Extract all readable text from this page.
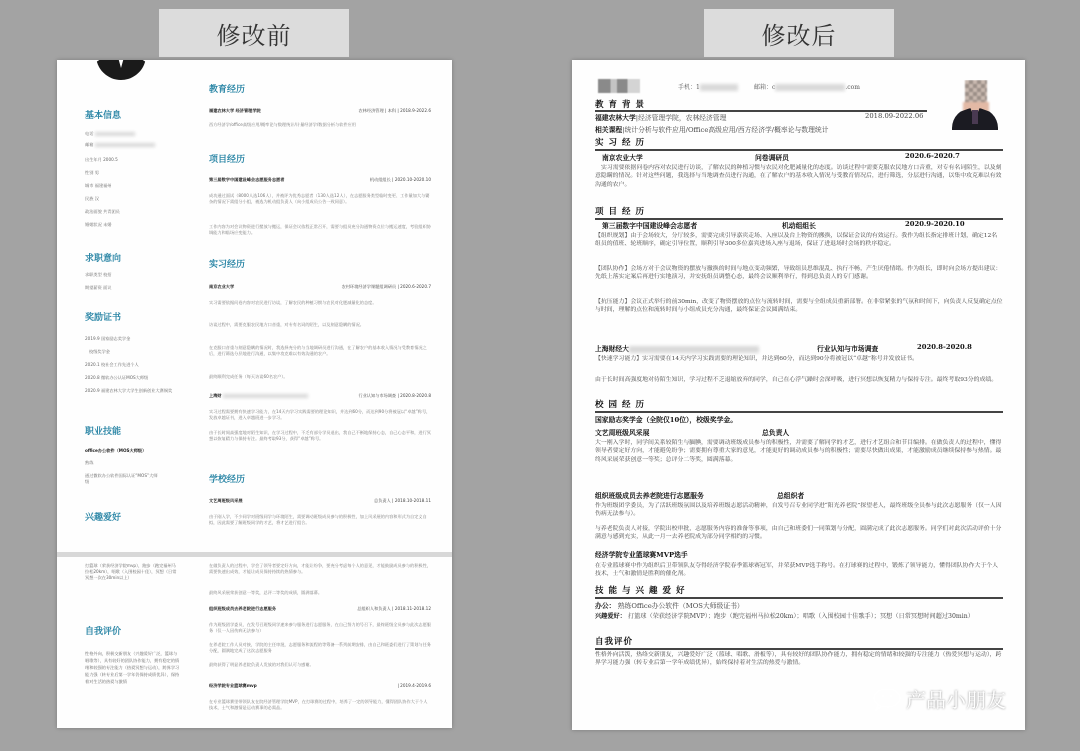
修改前	修改后
基本信息
电话
邮箱
出生年月 2000.5
性别 男
城市 福建福州
民族 汉
政治面貌 共青团员
婚姻状况 未婚
求职意向
求职类型 校招
期望薪资 面议
奖励证书
2019.9 国家励志奖学金
校级奖学金
2020.1 校社会工作先进个人
2020.8 微软办公认证MOS大师级
2020.9 福建农林大学大学生创新创业大赛铜奖
职业技能
office办公软件（MOS大师级）
熟练
通过微软办公软件国际认证“MOS”大师级
兴趣爱好
打篮球（荣获经济学院mvp），跑步（跑完福州马拉松20km），唱歌（入围校园十佳），冥想（日常冥想一次在30min以上）
自我评价
性格外向，积极交新朋友（兴趣爱好广泛，篮球与唱歌等），具有较好的团队协作能力，拥有稳定的情绪和较强的专注能力（热爱冥想与运动），跨界学习能力强（转专业后第一学年仍保持成绩优异），保持着对生活的热爱与激情
教育经历
福建农林大学 经济管理学院	农林经济管理 | 本科 | 2018.9-2022.6
西方经济学/office高级应用/概率论与数理统计/计量经济学/数据分析与软件应用
项目经历
第三届数字中国建设峰会志愿服务志愿者	机动组组长 | 2020.10-2020.10
成功通过面试（8000人选106人），并被评为优秀志愿者（130人选12人），在志愿服务类型临时变更、工作量加大与繁杂的情况下需组分小组，被选为机动组负责人（向小组成员公告一致同意）。
工作内容为对会议物资进行摆放与搬运，保证会议依程正常召开，需要与组员充分沟通物资点位与搬运速度，考验组织协调能力和临场应变能力。
实习经历
南京农业大学	农村环境经济学课题组调研员 | 2020.6-2020.7
实习需要依据问卷内容对农民进行访谈，了解农民的种植习惯与农民对化肥减量化的态度。
访谈过程中，需要克服农民地方口音重，对专有名词的陌生，以及刻意隐瞒的情况。
在克服口音重与刻意隐瞒的情况时，我选择充分的与当地调研员进行沟通，在了解农户的基本收入情况与受教育情况之后，进行筛选分层地进行沟通，以集中攻克难以有效沟通的农户。
最终顺利完成任务（每天访谈60名农户）。
上海财	行业认知与市场调查 | 2020.8-2020.8
实习过程需要拥有快速学习能力，在14天内学习实践需要的理论知识，并达到60分，而达到90分将被冠以“卓越”称号，发放卓越证书，进入卓越班进一步学习。
由于长时间高强度地对陌生知识，在学习过程中，不乏有部分学员退出，我自己不断地保持心态，自己心态平和，进行冥想以恢复精力与保持专注。最终考取93分，获得“卓越”称号。
学校经历
文艺周班级风采展	总负责人 | 2018.10-2018.11
由于刚入学，不少同学对班级同学与环境陌生，需要调动班级成员参与的积极性，加上风采展的内容和形式为自定义自拟，因此需要了解班级同学的才艺，将才艺进行组合。
在做负责人的过程中，学会了领导者要定好方向，才能让纷争，要充分考虑每个人的意见，才能鼓励成员参与的积极性，需要快速出成效，才能让成员保持持续的热情参与。
最终风采展荣获创意一等奖，总评二等奖的成绩，圆满落幕。
组织班级成员去养老院进行志愿服务	总组织人和负责人 | 2018.11-2018.12
作为班级团学委员，在发号召班级同学速来参与服务进行志愿服务，在自己努力的号召下，最终班级全员参与此次志愿服务（仅一人因伤病无法参与）
在养老院工作人员对接，学院的主任审批，志愿服务和流程的等筹备一系列前期安排，由自己和班委们进行了策划与任务分配，圆满地完成了这次志愿服务
最终获得了明显养老院负责人发放的对我们认可与感谢。
经济学院专业篮球赛mvp	| 2019.4-2019.6
在专业篮球赛里带领队友在院经济管理学院MVP，在打球赛的过程中，培养了一定的领导能力，懂得团队协作大于个人技术，士气和激情是运动赛事的必需品。
手机：1	邮箱：c	.com
教育背景
福建农林大学|经济管理学院，农林经济管理	2018.09-2022.06
相关课程|统计分析与软件应用/Office高级应用/西方经济学/概率论与数理统计
实习经历
南京农业大学	问卷调研员	2020.6-2020.7
实习需要依据问卷内容对农民进行访谈，了解农民的种植习惯与农民对化肥减量化的态度。访谈过程中需要克服农民地方口音重，对专有名词陌生，以及刻意隐瞒的情况。针对这些问题，我选择与当地调查员进行沟通，在了解农户的基本收入情况与受教育情况后，进行筛选，分层进行沟通，以集中攻克难以有效沟通的农户。
项目经历
第三届数字中国建设峰会志愿者	机动组组长	2020.9-2020.10
【组织规划】由于会场较大，分厅较多，需要完成引导嘉宾走场、入座以及台上物资的搬换，以保证会议的有效运行。我作为组长指定排班计划，确定12名组员的值班、轮班顺序，确定引导位置，顺利引导300多位嘉宾进场入座与退场，保证了进退场时会场的秩序稳定。
【团队协作】会场方对于会议物资的摆放与撤换的时间与地点变动频繁，导致组员思维混乱、执行不畅，产生厌倦情绪。作为组长，即时向会场方提出建议：先纸上落实定案后再进行实地演习，并安抚组员调整心态，最终会议顺利举行，得到总负责人的专门感谢。
【抗压能力】会议正式举行的前30min，改变了物资摆放的点位与流转时间，需要与全组成员重新部署。在非常紧张的气氛和时间下，向负责人反复确定点位与时间，理解的点位和流转时间与小组成员充分沟通，最终保证会议圆满结束。
上海财经大	行业认知与市场调查	2020.8-2020.8
【快速学习能力】实习需要在14天内学习实践需要的理论知识，并达到60分，而达到90分将被冠以“卓越”称号并发放证书。
由于长时间高强度地对待陌生知识，学习过程不乏退缩放弃的同学，自己在心浮气躁时会深呼吸，进行冥想以恢复精力与保持专注。最终考取93分的成绩。
校园经历
国家励志奖学金（全院仅10位），校级奖学金。
文艺周班级风采展	总负责人
大一刚入学时，同学间关系较陌生与腼腆，需要调动班级成员参与的积极性，并需要了解同学的才艺，进行才艺组合和节目编排。在做负责人的过程中，懂得领导者要定好方向，才能避免纷争；需要拥有尊重大家的意见，才能更好的调动成员参与的积极性；需要尽快做出成果，才能激励成员继续保持参与热情。最终风采展荣获创意一等奖；总评分二等奖，圆满落幕。
组织班级成员去养老院进行志愿服务	总组织者
作为班级团学委员，为了活跃班级氛围以及培养班级志愿活动精神，自发号召专业同学进“阳光养老院”探望老人，最终班级全员参与此次志愿服务（仅一人因伤病无法参与）。
与养老院负责人对接，学院出校审批，志愿服务内容的准备等事项，由自己和班委们一同策划与分配，圆满完成了此次志愿服务。同学们对此次活动评价十分满意与感到充实，从此一月一去养老院成为部分同学相约的习惯。
经济学院专业篮球赛MVP选手
在专业篮球赛中作为组织后卫带领队友夺得经济学院春季篮球赛冠军，并荣获MVP选手称号。在打球赛的过程中，锻炼了领导能力，懂得团队协作大于个人技术，士气和激情是胜利的催化剂。
技能与兴趣爱好
办公： 熟练Office办公软件（MOS大师级证书）
兴趣爱好： 打篮球（荣获经济学院MVP）；跑步（跑完福州马拉松20km）；唱歌（入围校园十佳歌手）；冥想（日常冥想时间超过30min）
自我评价
性格外向活泼，热络交新朋友，兴趣爱好广泛（篮球、唱歌、滑板等），具有较好的团队协作能力，拥有稳定的情绪和较强的专注能力（热爱冥想与运动），跨界学习能力强（转专业后第一学年成绩优异），始终保持着对生活的热爱与激情。
产品小朋友
